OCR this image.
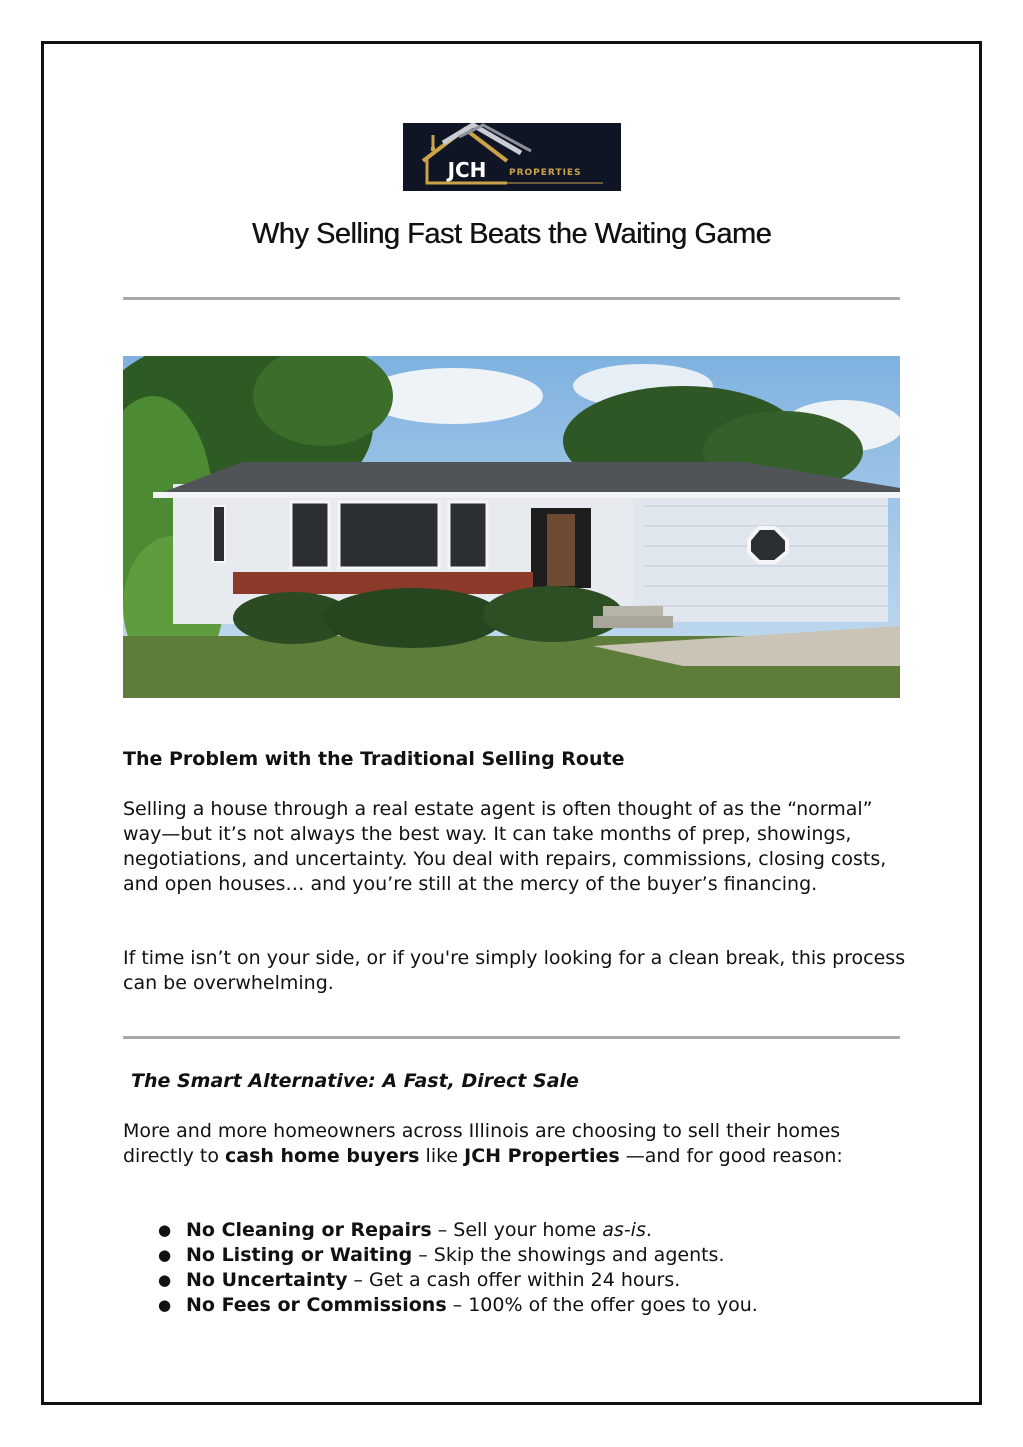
JCH	PROPERTIES
Why Selling Fast Beats the Waiting Game
The Problem with the Traditional Selling Route

Selling a house through a real estate agent is often thought of as the “normal” way—but it’s not always the best way. It can take months of prep, showings, negotiations, and uncertainty. You deal with repairs, commissions, closing costs, and open houses… and you’re still at the mercy of the buyer’s financing.

If time isn’t on your side, or if you're simply looking for a clean break, this process can be overwhelming.

The Smart Alternative: A Fast, Direct Sale

More and more homeowners across Illinois are choosing to sell their homes directly to cash home buyers like JCH Properties —and for good reason:

● No Cleaning or Repairs – Sell your home as-is.
● No Listing or Waiting – Skip the showings and agents.
● No Uncertainty – Get a cash offer within 24 hours.
● No Fees or Commissions – 100% of the offer goes to you.
